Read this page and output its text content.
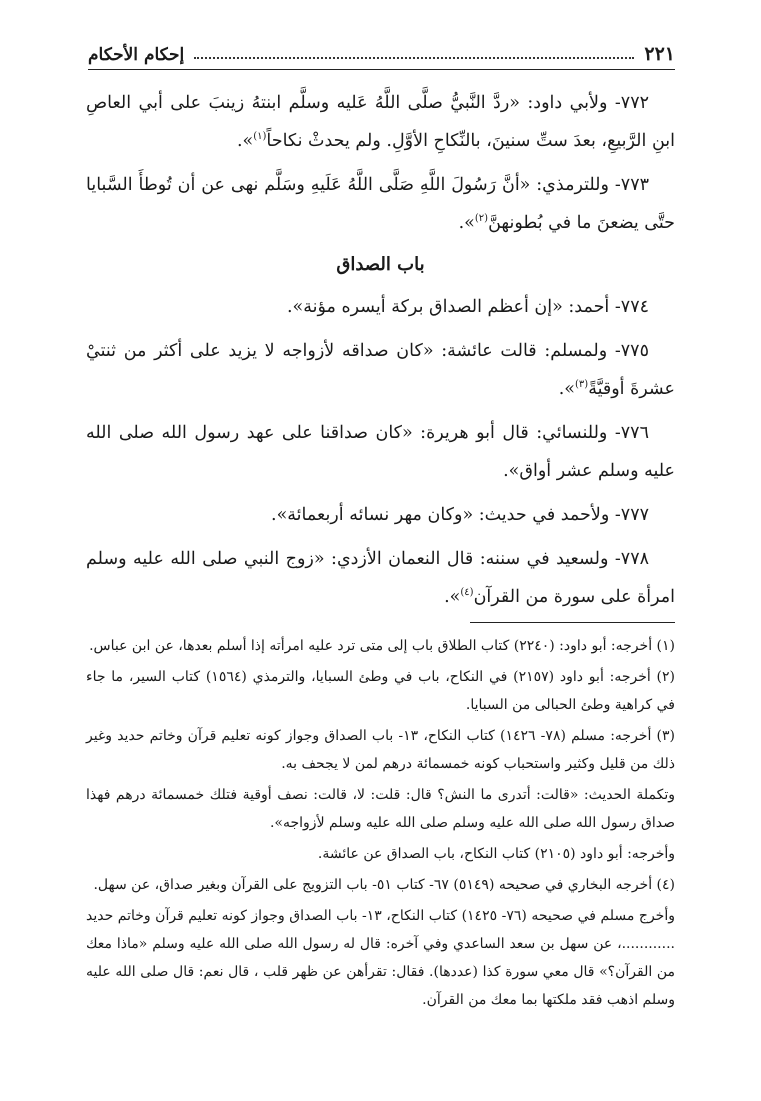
٢٢١
إحكام الأحكام

٧٧٢- ولأبي داود: «ردَّ النَّبيُّ صلَّى اللَّهُ عَليه وسلَّم ابنتهُ زينبَ على أبي العاصِ ابنِ الرَّبيعِ، بعدَ ستِّ سنينَ، بالنِّكاحِ الأوَّلِ. ولم يحدثْ نكاحاً$^{(١)}$».

٧٧٣- وللترمذي: «أنَّ رَسُولَ اللَّهِ صَلَّى اللَّهُ عَلَيهِ وسَلَّم نهى عن أن تُوطأَ السَّبايا حتَّى يضعنَ ما في بُطونهنَّ$^{(٢)}$».

باب الصداق

٧٧٤- أحمد: «إن أعظم الصداق بركة أيسره مؤنة».

٧٧٥- ولمسلم: قالت عائشة: «كان صداقه لأزواجه لا يزيد على أكثر من ثنتيْ عشرةَ أوقيَّةً$^{(٣)}$».

٧٧٦- وللنسائي: قال أبو هريرة: «كان صداقنا على عهد رسول الله صلى الله عليه وسلم عشر أواق».

٧٧٧- ولأحمد في حديث: «وكان مهر نسائه أربعمائة».

٧٧٨- ولسعيد في سننه: قال النعمان الأزدي: «زوج النبي صلى الله عليه وسلم امرأة على سورة من القرآن$^{(٤)}$».

(١) أخرجه: أبو داود: (٢٢٤٠) كتاب الطلاق باب إلى متى ترد عليه امرأته إذا أسلم بعدها، عن ابن عباس.

(٢) أخرجه: أبو داود (٢١٥٧) في النكاح، باب في وطئ السبايا، والترمذي (١٥٦٤) كتاب السير، ما جاء في كراهية وطئ الحبالى من السبايا.

(٣) أخرجه: مسلم (٧٨- ١٤٢٦) كتاب النكاح، ١٣- باب الصداق وجواز كونه تعليم قرآن وخاتم حديد وغير ذلك من قليل وكثير واستحباب كونه خمسمائة درهم لمن لا يجحف به.

وتكملة الحديث: «قالت: أتدرى ما النش؟ قال: قلت: لا، قالت: نصف أوقية فتلك خمسمائة درهم فهذا صداق رسول الله صلى الله عليه وسلم صلى الله عليه وسلم لأزواجه».

وأخرجه: أبو داود (٢١٠٥) كتاب النكاح، باب الصداق عن عائشة.

(٤) أخرجه البخاري في صحيحه (٥١٤٩) ٦٧- كتاب ٥١- باب التزويج على القرآن وبغير صداق، عن سهل.

وأخرج مسلم في صحيحه (٧٦- ١٤٢٥) كتاب النكاح، ١٣- باب الصداق وجواز كونه تعليم قرآن وخاتم حديد ............، عن سهل بن سعد الساعدي وفي آخره: قال له رسول الله صلى الله عليه وسلم «ماذا معك من القرآن؟» قال معي سورة كذا (عددها). فقال: تقرأهن عن ظهر قلب ، قال نعم: قال صلى الله عليه وسلم اذهب فقد ملكتها بما معك من القرآن.
